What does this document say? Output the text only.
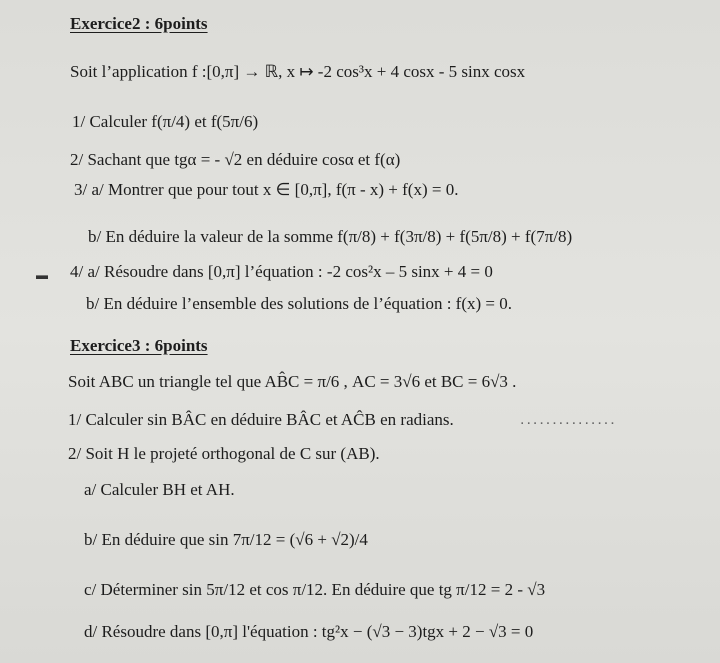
Exercice2 : 6points
Soit l’application f :[0,π] → ℝ, x ↦ -2 cos³x + 4 cosx - 5 sinx cosx
1/ Calculer f(π/4) et f(5π/6)
2/ Sachant que tgα = - √2 en déduire cosα et f(α)
3/ a/ Montrer que pour tout x ∈ [0,π], f(π - x) + f(x) = 0.
b/ En déduire la valeur de la somme f(π/8) + f(3π/8) + f(5π/8) + f(7π/8)
▬ 4/ a/ Résoudre dans [0,π] l’équation : -2 cos²x – 5 sinx + 4 = 0
b/ En déduire l’ensemble des solutions de l’équation : f(x) = 0.
Exercice3 : 6points
Soit ABC un triangle tel que AB̂C = π/6 , AC = 3√6 et BC = 6√3 .
1/ Calculer sin BÂC en déduire BÂC et AĈB en radians.	...............
2/ Soit H le projeté orthogonal de C sur (AB).
a/ Calculer BH et AH.
b/ En déduire que sin 7π/12 = (√6 + √2)/4
c/ Déterminer sin 5π/12 et cos π/12. En déduire que tg π/12 = 2 - √3
d/ Résoudre dans [0,π] l'équation : tg²x − (√3 − 3)tgx + 2 − √3 = 0
